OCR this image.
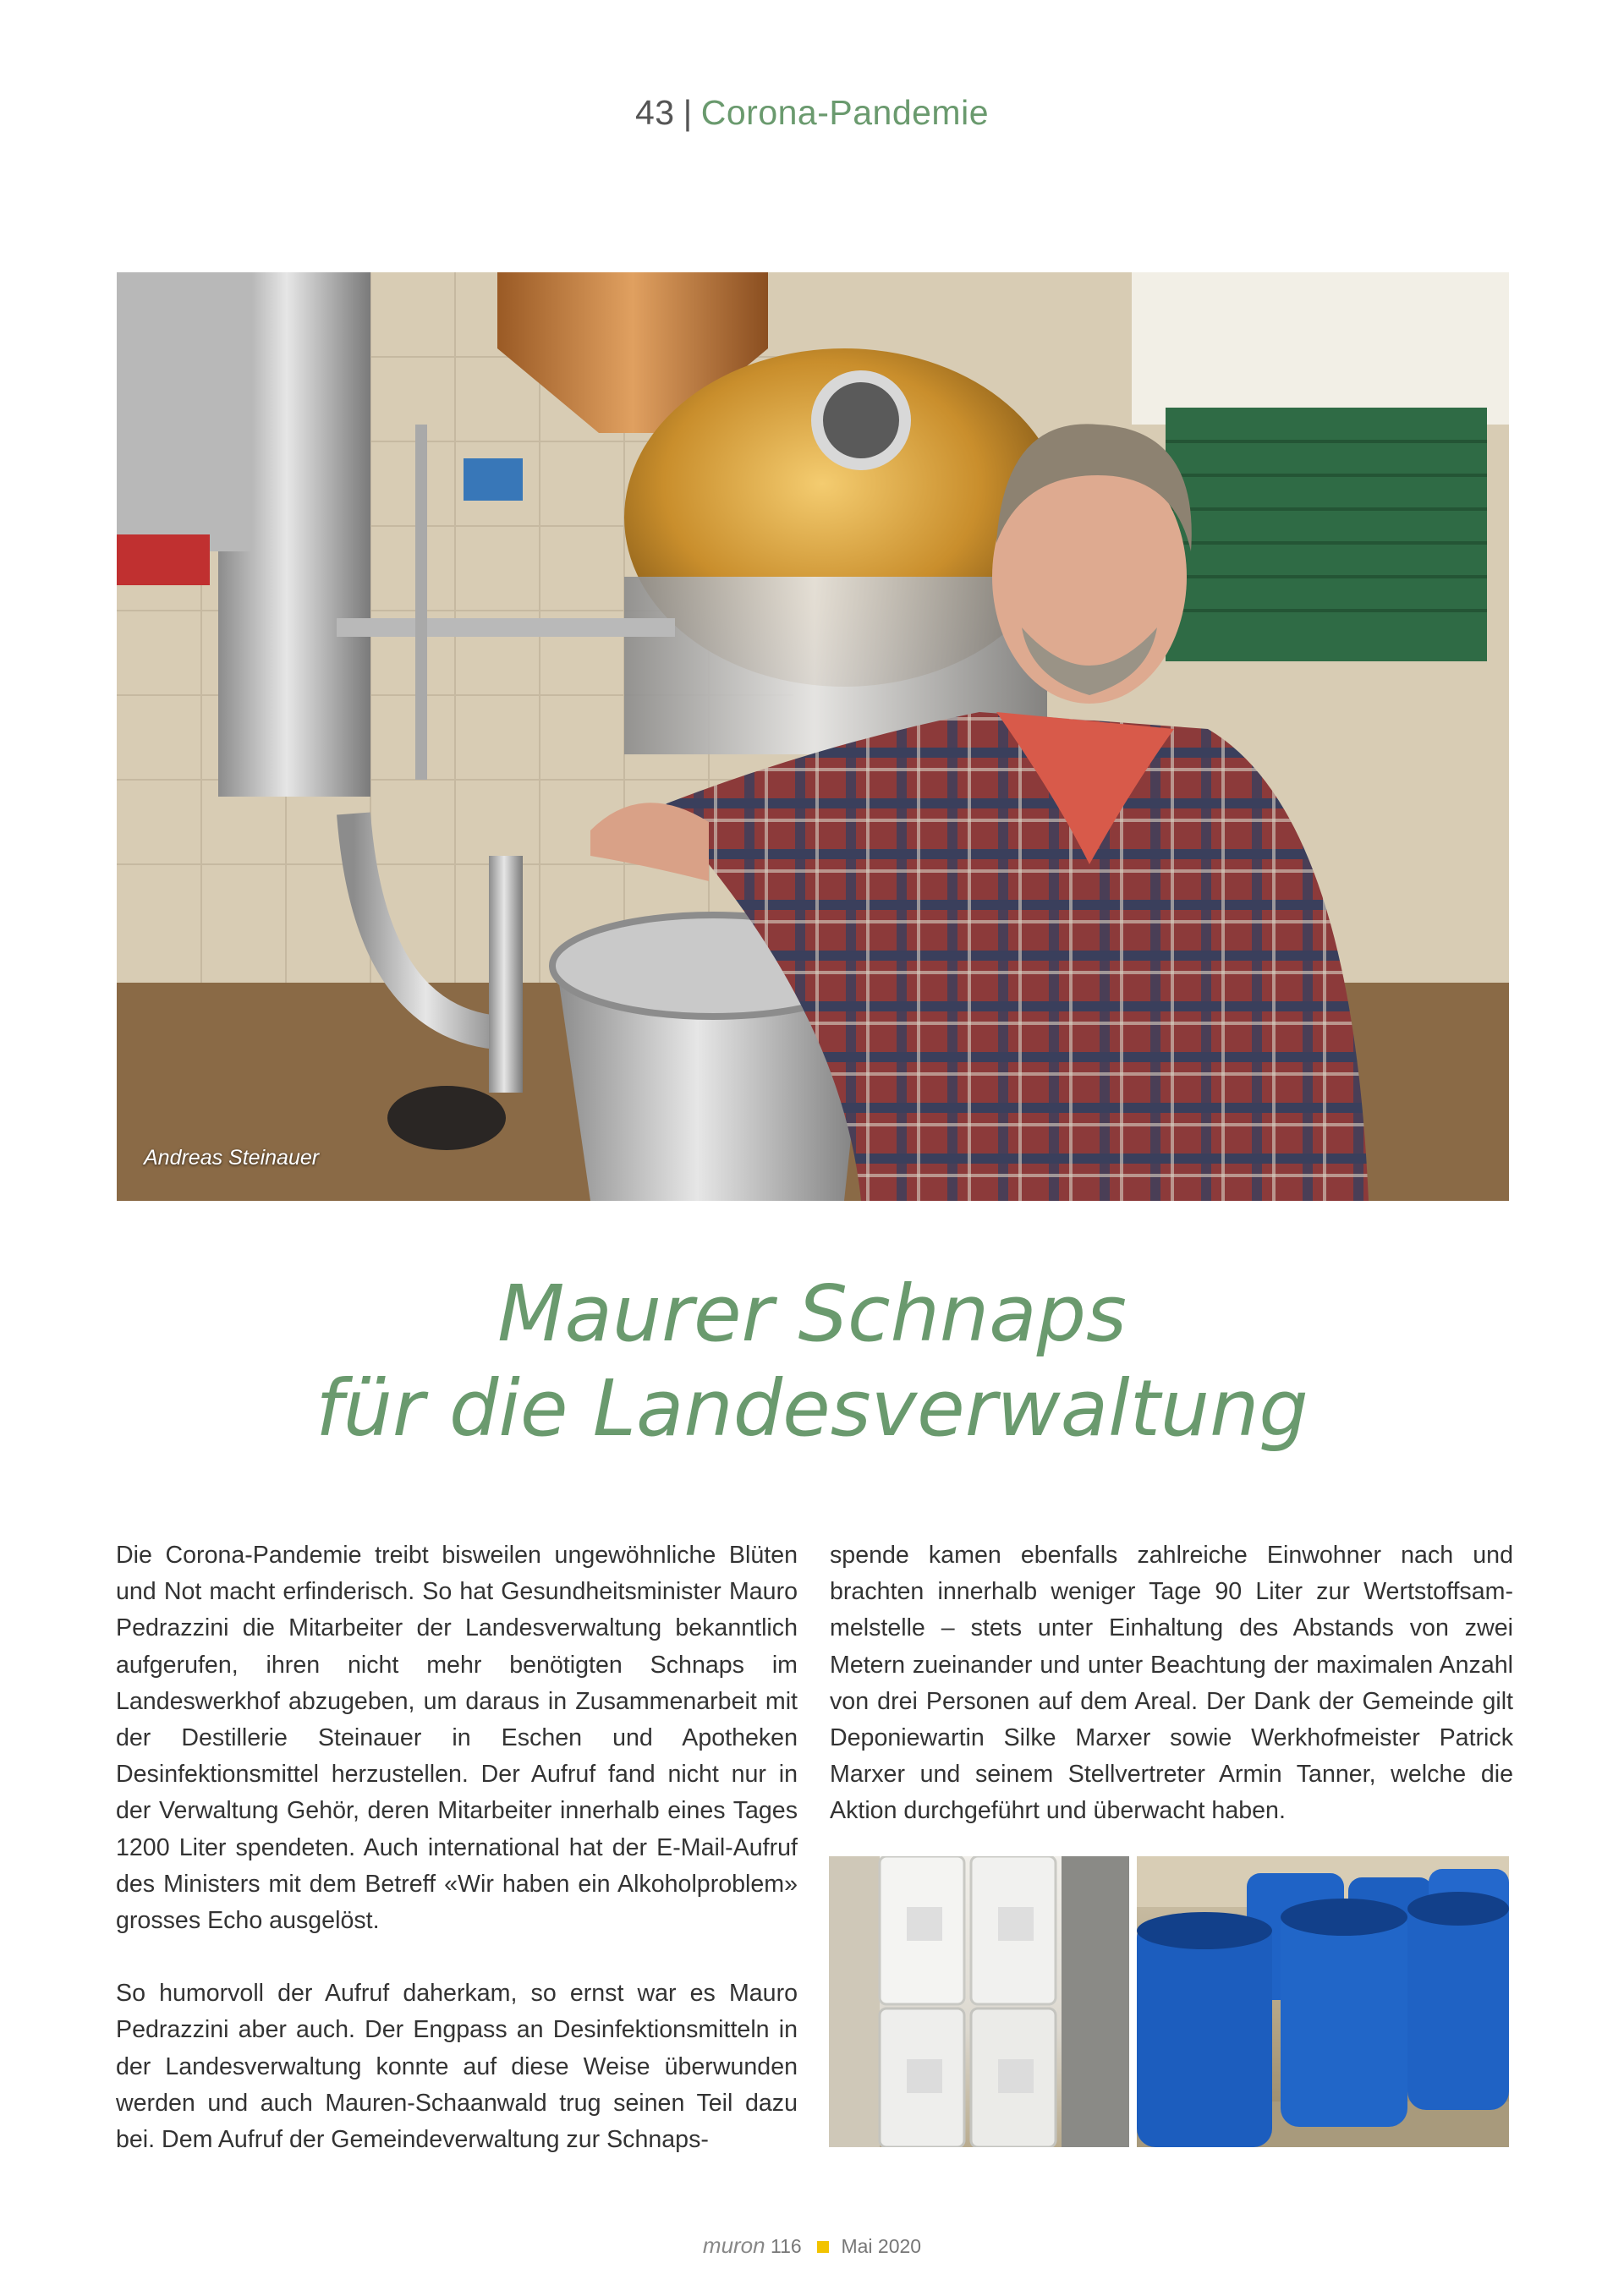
43 | Corona-Pandemie
Andreas Steinauer
Maurer Schnaps
für die Landesverwaltung

Die Corona-Pandemie treibt bisweilen ungewöhnliche Blüten und Not macht erfinderisch. So hat Gesundheitsminister Mauro Pedrazzini die Mitarbeiter der Landesverwaltung bekanntlich aufgerufen, ihren nicht mehr benötigten Schnaps im Landeswerkhof abzugeben, um daraus in Zusammenarbeit mit der Destillerie Steinauer in Eschen und Apotheken Desinfektionsmittel herzustellen. Der Aufruf fand nicht nur in der Verwaltung Gehör, deren Mitarbeiter innerhalb eines Tages 1200 Liter spendeten. Auch international hat der E-Mail-Aufruf des Ministers mit dem Betreff «Wir haben ein Alkoholproblem» grosses Echo ausgelöst.

So humorvoll der Aufruf daherkam, so ernst war es Mauro Pedrazzini aber auch. Der Engpass an Desinfektionsmitteln in der Landesverwaltung konnte auf diese Weise überwunden werden und auch Mauren-Schaanwald trug seinen Teil dazu bei. Dem Aufruf der Gemeindeverwaltung zur Schnaps-

spende kamen ebenfalls zahlreiche Einwohner nach und brachten innerhalb weniger Tage 90 Liter zur Wertstoffsammelstelle – stets unter Einhaltung des Abstands von zwei Metern zueinander und unter Beachtung der maximalen Anzahl von drei Personen auf dem Areal. Der Dank der Gemeinde gilt Deponiewartin Silke Marxer sowie Werkhofmeister Patrick Marxer und seinem Stellvertreter Armin Tanner, welche die Aktion durchgeführt und überwacht haben.

muron 116 Mai 2020
